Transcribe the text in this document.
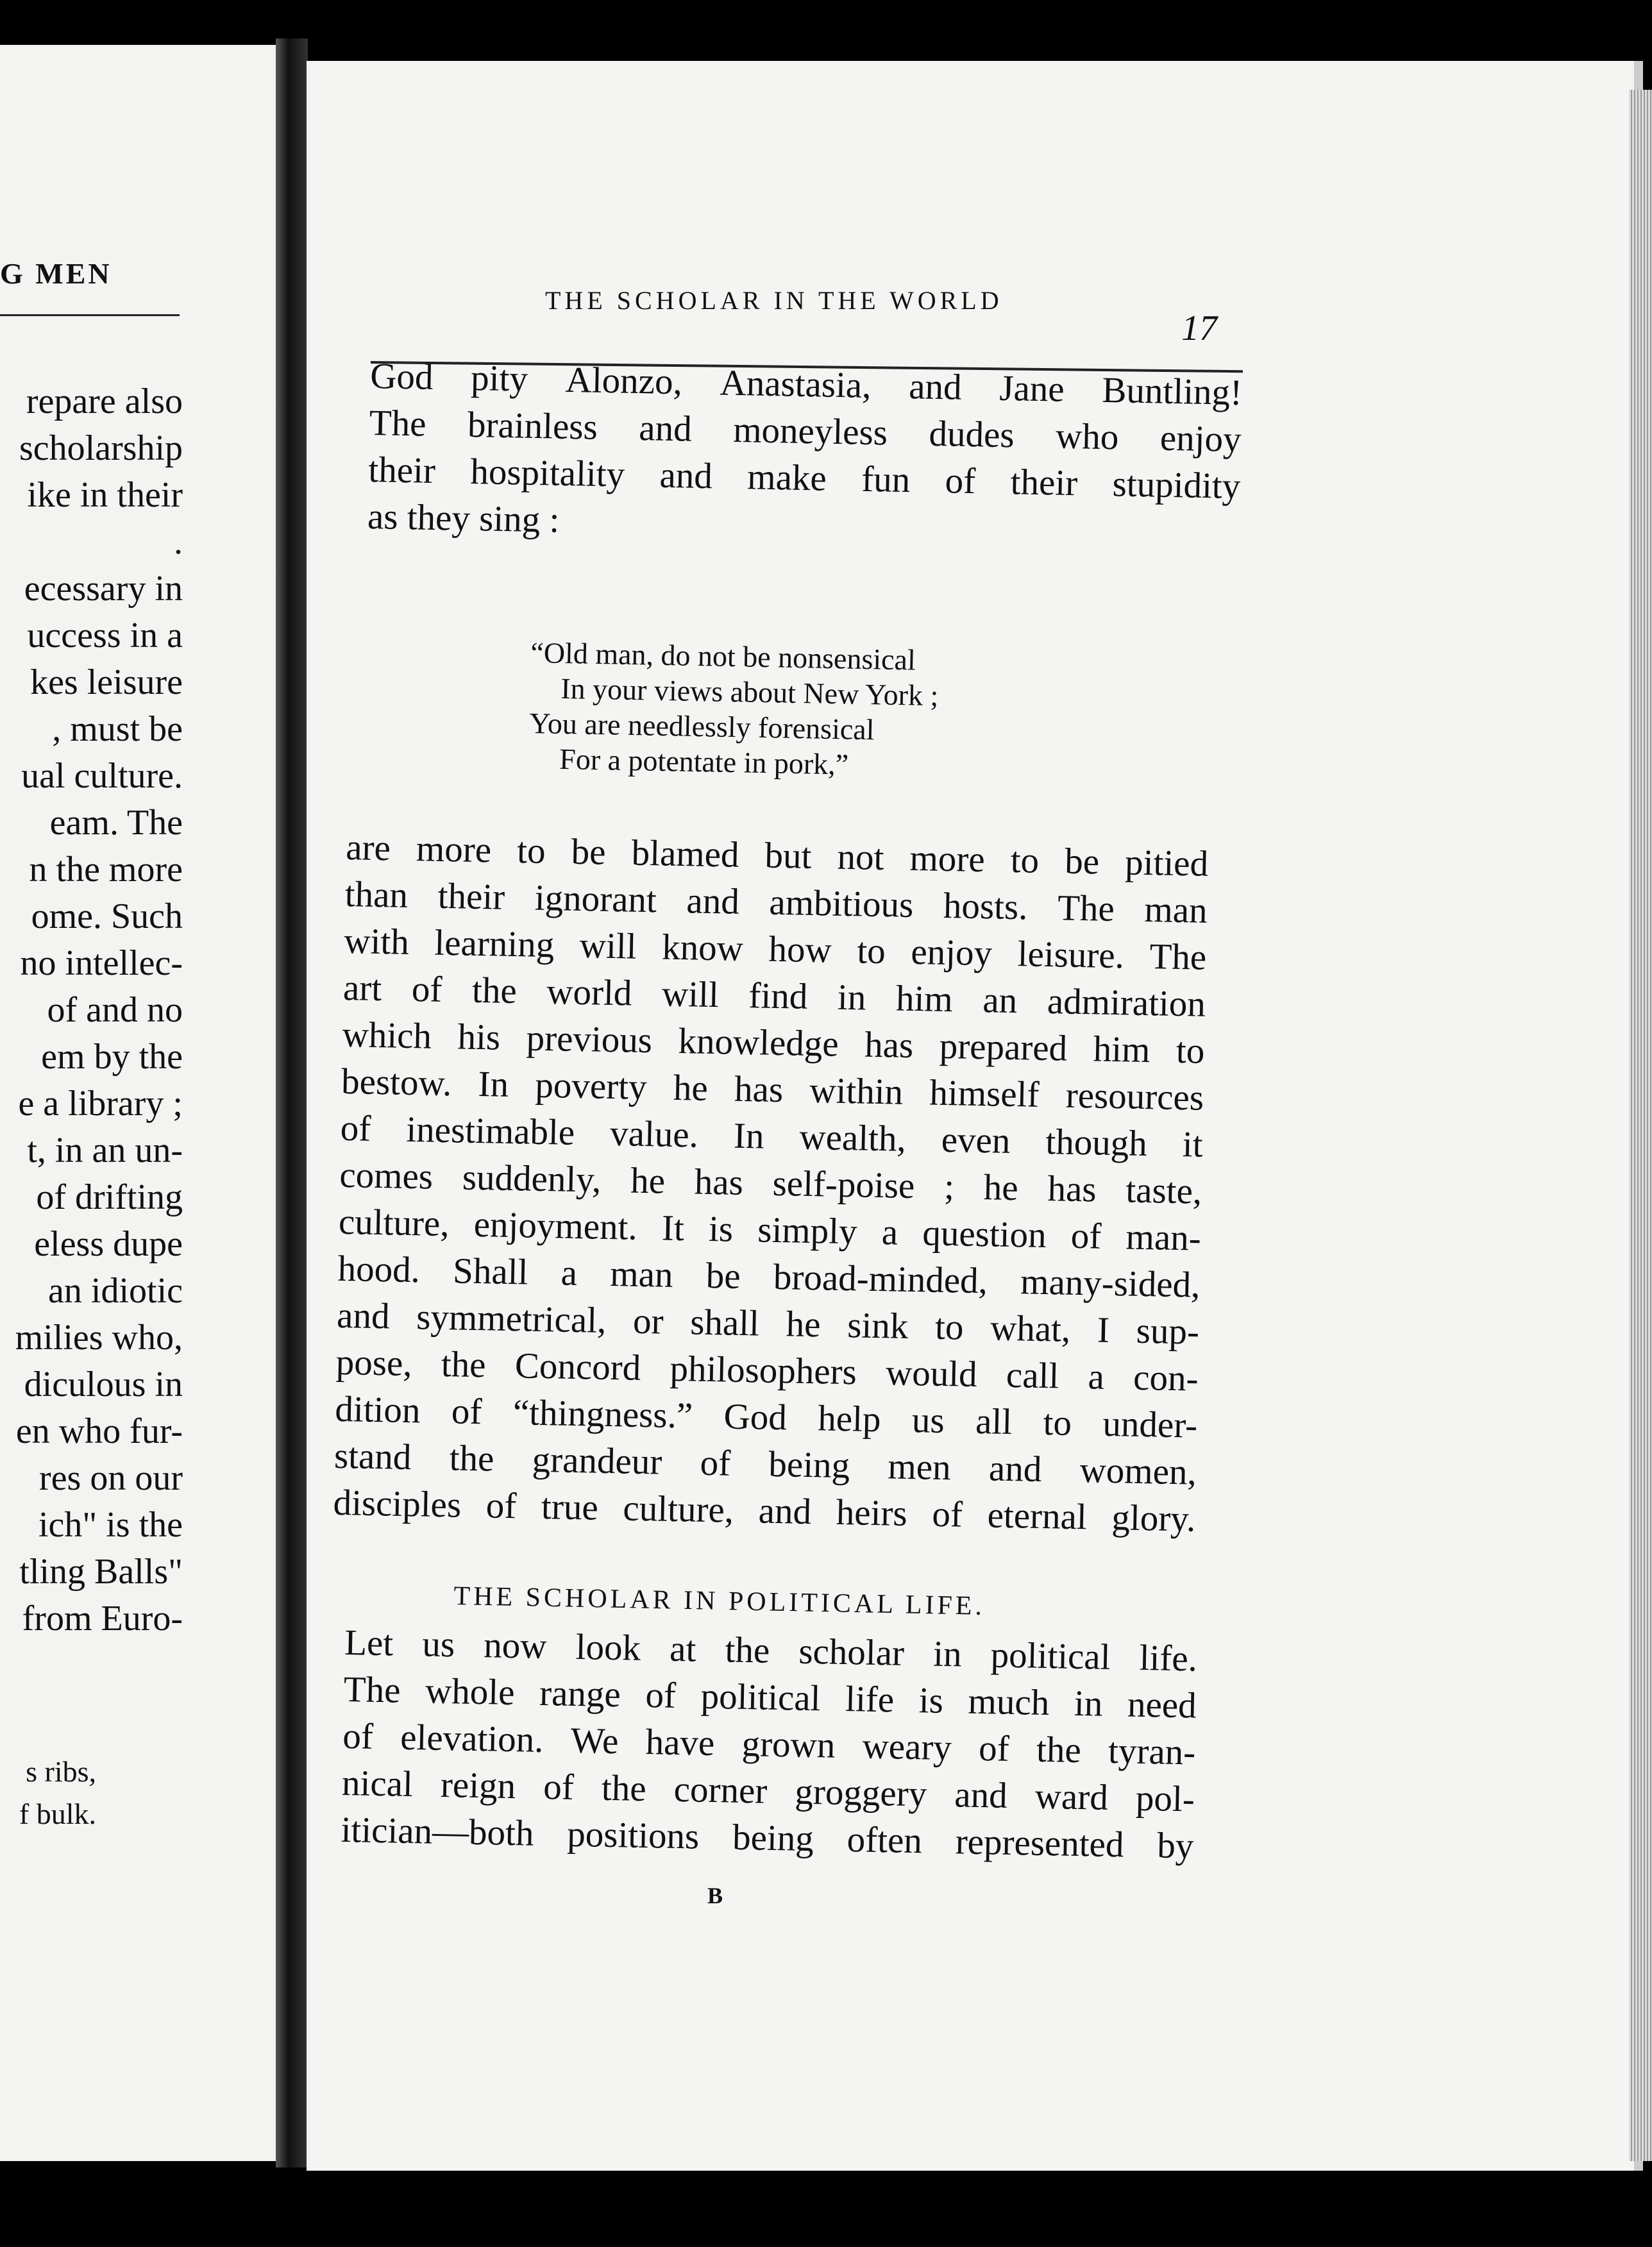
G MEN
repare also
scholarship
ike in their
.
ecessary in
uccess in a
kes leisure
, must be
ual culture.
eam. The
n the more
ome. Such
no intellec-
of and no
em by the
e a library ;
t, in an un-
of drifting
eless dupe
an idiotic
milies who,
diculous in
en who fur-
res on our
ich" is the
tling Balls"
from Euro-
s ribs,
f bulk.
THE SCHOLAR IN THE WORLD
17
God pity Alonzo, Anastasia, and Jane Buntling!
The brainless and moneyless dudes who enjoy
their hospitality and make fun of their stupidity
as they sing :
“Old man, do not be nonsensical
In your views about New York ;
You are needlessly forensical
For a potentate in pork,”
are more to be blamed but not more to be pitied
than their ignorant and ambitious hosts. The man
with learning will know how to enjoy leisure. The
art of the world will find in him an admiration
which his previous knowledge has prepared him to
bestow. In poverty he has within himself resources
of inestimable value. In wealth, even though it
comes suddenly, he has self-poise ; he has taste,
culture, enjoyment. It is simply a question of man-
hood. Shall a man be broad-minded, many-sided,
and symmetrical, or shall he sink to what, I sup-
pose, the Concord philosophers would call a con-
dition of “thingness.” God help us all to under-
stand the grandeur of being men and women,
disciples of true culture, and heirs of eternal glory.
THE SCHOLAR IN POLITICAL LIFE.
Let us now look at the scholar in political life.
The whole range of political life is much in need
of elevation. We have grown weary of the tyran-
nical reign of the corner groggery and ward pol-
itician—both positions being often represented by
B
